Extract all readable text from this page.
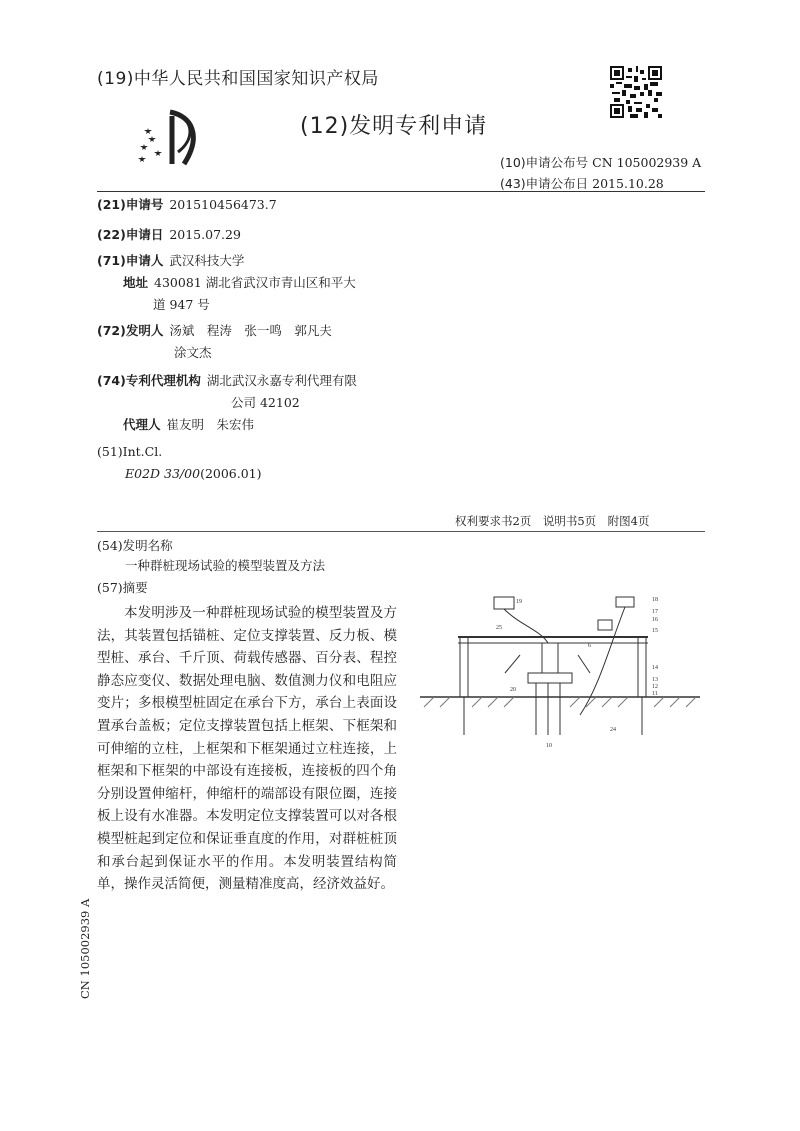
(19)中华人民共和国国家知识产权局
(12)发明专利申请
(10)申请公布号 CN 105002939 A
(43)申请公布日 2015.10.28
(21)申请号 201510456473.7
(22)申请日 2015.07.29
(71)申请人 武汉科技大学
地址 430081 湖北省武汉市青山区和平大
道 947 号
(72)发明人 汤斌　程涛　张一鸣　郭凡夫
涂文杰
(74)专利代理机构 湖北武汉永嘉专利代理有限
公司 42102
代理人 崔友明　朱宏伟
(51)Int.Cl.
E02D 33/00(2006.01)
权利要求书2页　说明书5页　附图4页
(54)发明名称
一种群桩现场试验的模型装置及方法
(57)摘要
本发明涉及一种群桩现场试验的模型装置及方法，其装置包括锚桩、定位支撑装置、反力板、模型桩、承台、千斤顶、荷载传感器、百分表、程控静态应变仪、数据处理电脑、数值测力仪和电阻应变片；多根模型桩固定在承台下方，承台上表面设置承台盖板；定位支撑装置包括上框架、下框架和可伸缩的立柱，上框架和下框架通过立柱连接，上框架和下框架的中部设有连接板，连接板的四个角分别设置伸缩杆，伸缩杆的端部设有限位圈，连接板上设有水准器。本发明定位支撑装置可以对各根模型桩起到定位和保证垂直度的作用，对群桩桩顶和承台起到保证水平的作用。本发明装置结构简单，操作灵活简便，测量精准度高，经济效益好。
19	18
17
16
15
14
13
12
11
10
24
20
25
6
CN 105002939 A
